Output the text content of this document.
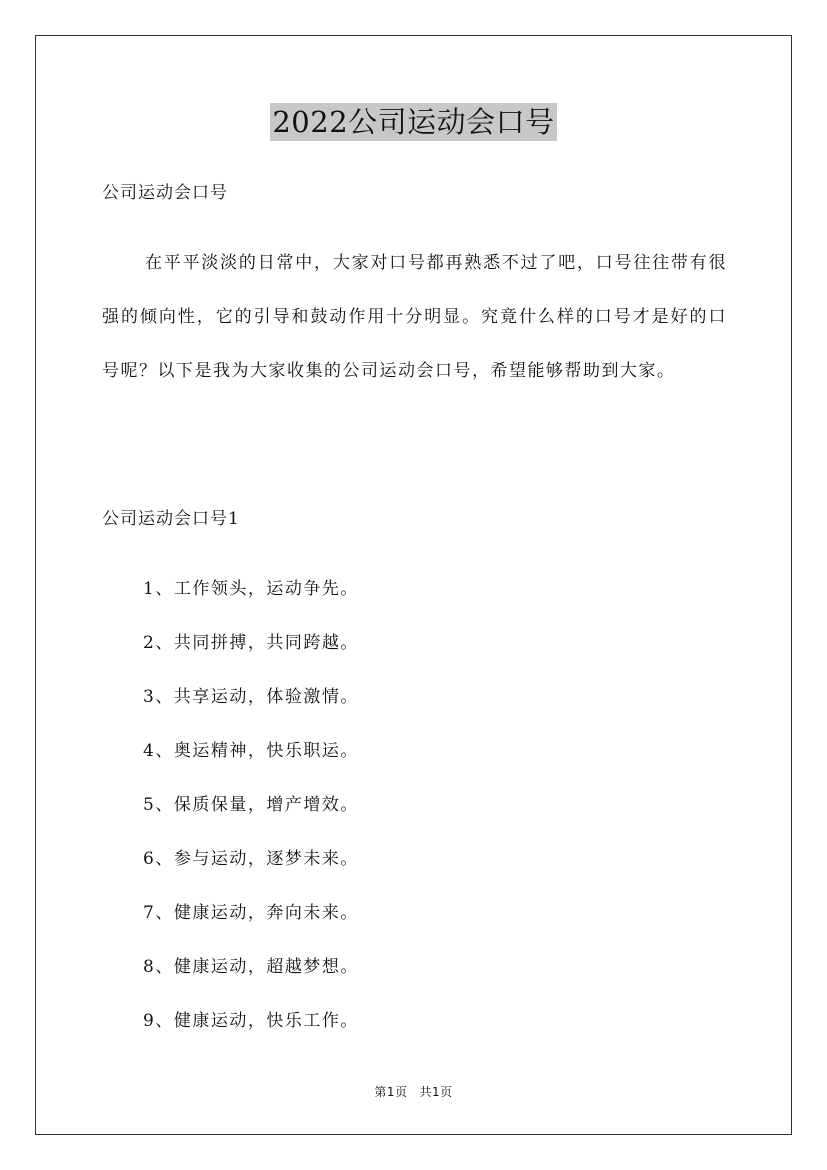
2022公司运动会口号

公司运动会口号

在平平淡淡的日常中，大家对口号都再熟悉不过了吧，口号往往带有很强的倾向性，它的引导和鼓动作用十分明显。究竟什么样的口号才是好的口号呢？以下是我为大家收集的公司运动会口号，希望能够帮助到大家。

公司运动会口号1

1、工作领头，运动争先。
2、共同拼搏，共同跨越。
3、共享运动，体验激情。
4、奥运精神，快乐职运。
5、保质保量，增产增效。
6、参与运动，逐梦未来。
7、健康运动，奔向未来。
8、健康运动，超越梦想。
9、健康运动，快乐工作。
第1页 共1页
